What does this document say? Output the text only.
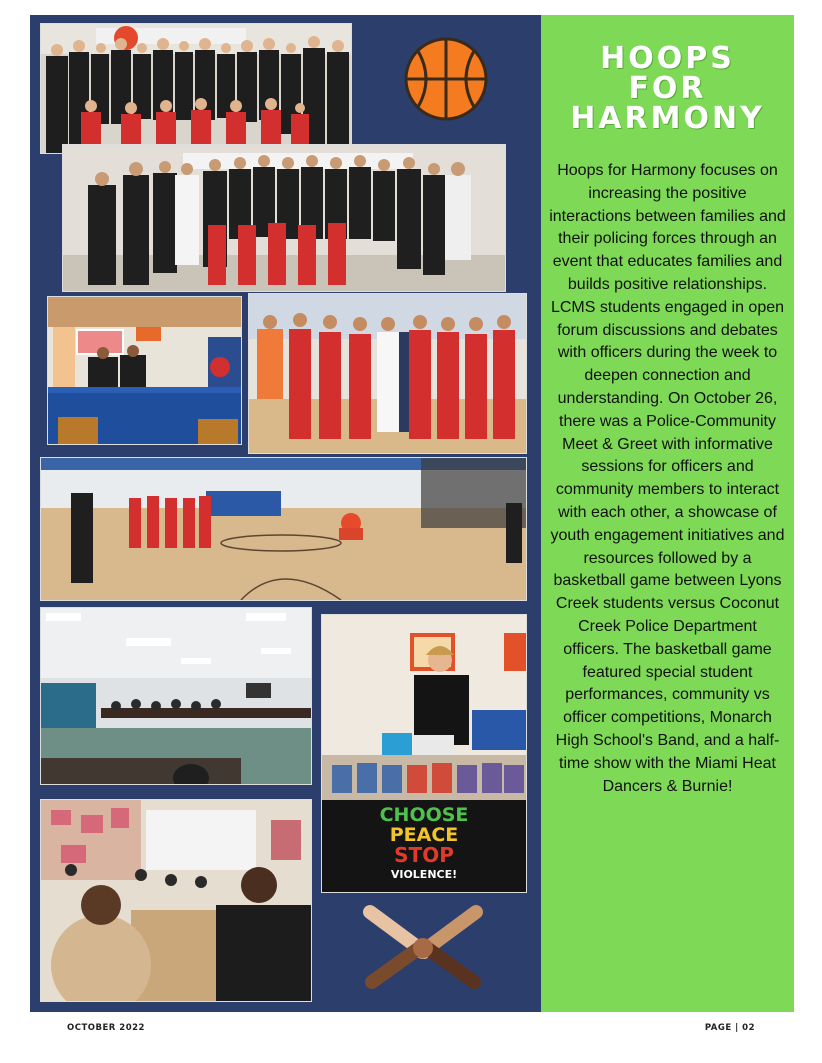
CHOOSE
PEACE
STOP
VIOLENCE!
HOOPS
FOR
HARMONY
Hoops for Harmony focuses on increasing the positive interactions between families and their policing forces through an event that educates families and builds positive relationships. LCMS students engaged in open forum discussions and debates with officers during the week to deepen connection and understanding. On October 26, there was a Police-Community Meet & Greet with informative sessions for officers and community members to interact with each other, a showcase of youth engagement initiatives and resources followed by a basketball game between Lyons Creek students versus Coconut Creek Police Department officers. The basketball game featured special student performances, community vs officer competitions, Monarch High School's Band, and a half-time show with the Miami Heat Dancers & Burnie!
OCTOBER 2022	PAGE | 02
